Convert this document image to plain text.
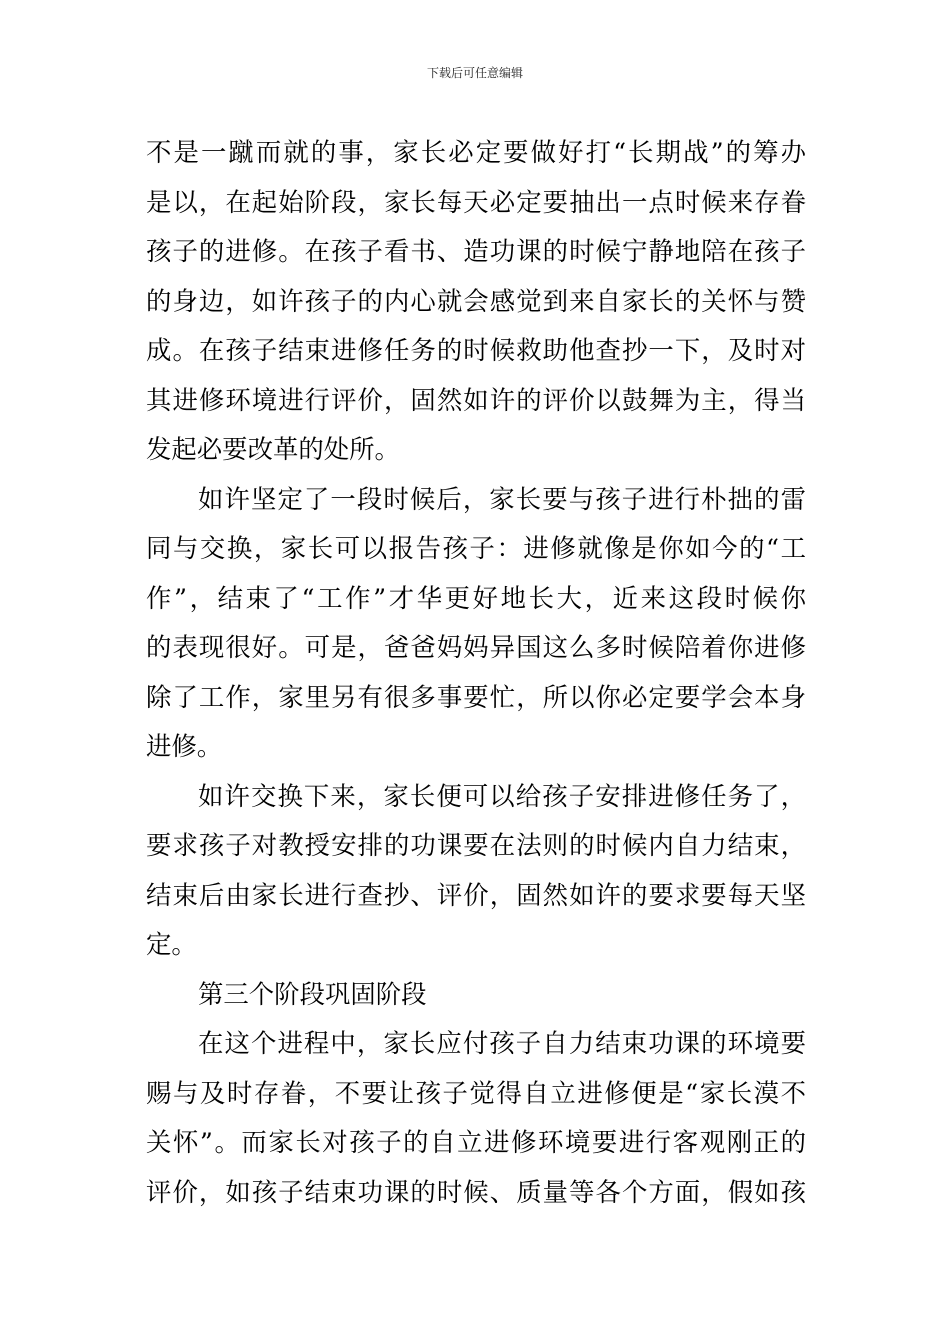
下载后可任意编辑
不是一蹴而就的事，家长必定要做好打“长期战”的筹办
是以，在起始阶段，家长每天必定要抽出一点时候来存眷
孩子的进修。在孩子看书、造功课的时候宁静地陪在孩子
的身边，如许孩子的内心就会感觉到来自家长的关怀与赞
成。在孩子结束进修任务的时候救助他查抄一下，及时对
其进修环境进行评价，固然如许的评价以鼓舞为主，得当
发起必要改革的处所。
如许坚定了一段时候后，家长要与孩子进行朴拙的雷
同与交换，家长可以报告孩子：进修就像是你如今的“工
作”，结束了“工作”才华更好地长大，近来这段时候你
的表现很好。可是，爸爸妈妈异国这么多时候陪着你进修
除了工作，家里另有很多事要忙，所以你必定要学会本身
进修。
如许交换下来，家长便可以给孩子安排进修任务了，
要求孩子对教授安排的功课要在法则的时候内自力结束，
结束后由家长进行查抄、评价，固然如许的要求要每天坚
定。
第三个阶段巩固阶段
在这个进程中，家长应付孩子自力结束功课的环境要
赐与及时存眷，不要让孩子觉得自立进修便是“家长漠不
关怀”。而家长对孩子的自立进修环境要进行客观刚正的
评价，如孩子结束功课的时候、质量等各个方面，假如孩
